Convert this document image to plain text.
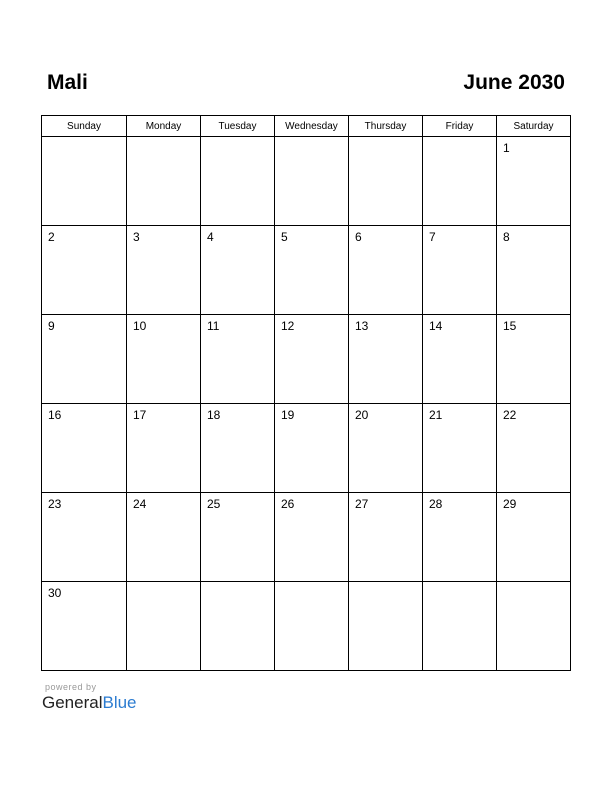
Mali	June 2030
Sunday	Monday	Tuesday	Wednesday	Thursday	Friday	Saturday

						1

2	3	4	5	6	7	8

9	10	11	12	13	14	15

16	17	18	19	20	21	22

23	24	25	26	27	28	29

30						

powered by
GeneralBlue
